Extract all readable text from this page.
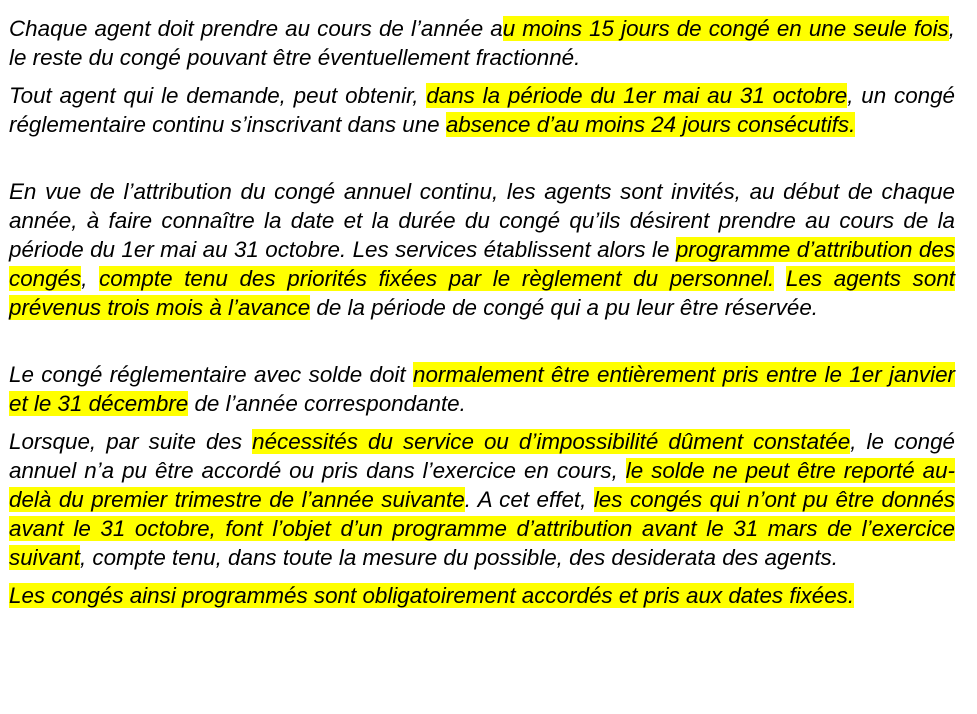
Chaque agent doit prendre au cours de l’année au moins 15 jours de congé en une seule fois, le reste du congé pouvant être éventuellement fractionné.

Tout agent qui le demande, peut obtenir, dans la période du 1er mai au 31 octobre, un congé réglementaire continu s’inscrivant dans une absence d’au moins 24 jours consécutifs.

En vue de l’attribution du congé annuel continu, les agents sont invités, au début de chaque année, à faire connaître la date et la durée du congé qu’ils désirent prendre au cours de la période du 1er mai au 31 octobre. Les services établissent alors le programme d’attribution des congés, compte tenu des priorités fixées par le règlement du personnel. Les agents sont prévenus trois mois à l’avance de la période de congé qui a pu leur être réservée.

Le congé réglementaire avec solde doit normalement être entièrement pris entre le 1er janvier et le 31 décembre de l’année correspondante.

Lorsque, par suite des nécessités du service ou d’impossibilité dûment constatée, le congé annuel n’a pu être accordé ou pris dans l’exercice en cours, le solde ne peut être reporté au-delà du premier trimestre de l’année suivante. A cet effet, les congés qui n’ont pu être donnés avant le 31 octobre, font l’objet d’un programme d’attribution avant le 31 mars de l’exercice suivant, compte tenu, dans toute la mesure du possible, des desiderata des agents.

Les congés ainsi programmés sont obligatoirement accordés et pris aux dates fixées.
